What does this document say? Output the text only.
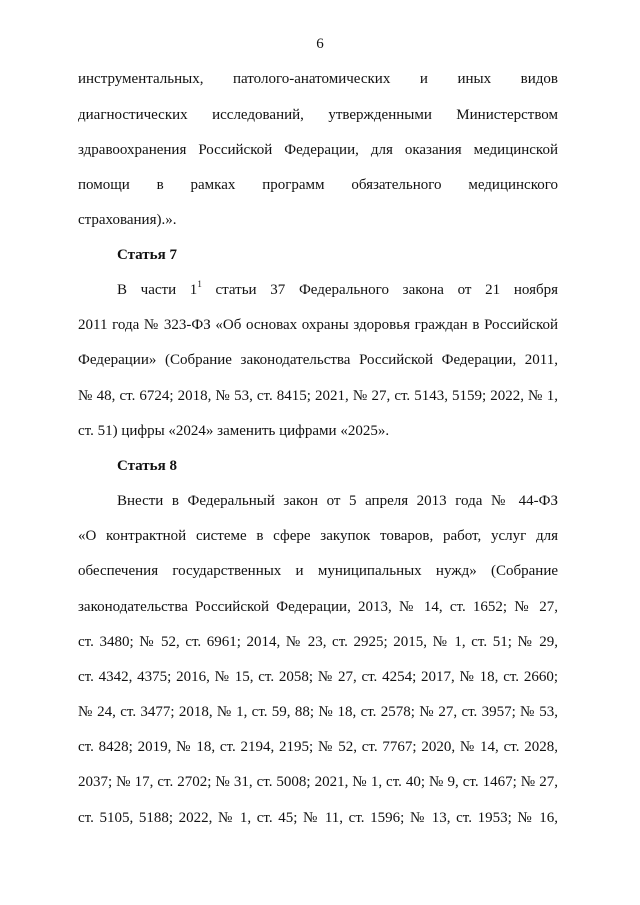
6
инструментальных, патолого-анатомических и иных видов
диагностических исследований, утвержденными Министерством
здравоохранения Российской Федерации, для оказания медицинской
помощи в рамках программ обязательного медицинского
страхования).».
Статья 7
В части $1^1$ статьи 37 Федерального закона от 21 ноября
2011 года № 323-ФЗ «Об основах охраны здоровья граждан в Российской
Федерации» (Собрание законодательства Российской Федерации, 2011,
№ 48, ст. 6724; 2018, № 53, ст. 8415; 2021, № 27, ст. 5143, 5159; 2022, № 1,
ст. 51) цифры «2024» заменить цифрами «2025».
Статья 8
Внести в Федеральный закон от 5 апреля 2013 года № 44-ФЗ
«О контрактной системе в сфере закупок товаров, работ, услуг для
обеспечения государственных и муниципальных нужд» (Собрание
законодательства Российской Федерации, 2013, № 14, ст. 1652; № 27,
ст. 3480; № 52, ст. 6961; 2014, № 23, ст. 2925; 2015, № 1, ст. 51; № 29,
ст. 4342, 4375; 2016, № 15, ст. 2058; № 27, ст. 4254; 2017, № 18, ст. 2660;
№ 24, ст. 3477; 2018, № 1, ст. 59, 88; № 18, ст. 2578; № 27, ст. 3957; № 53,
ст. 8428; 2019, № 18, ст. 2194, 2195; № 52, ст. 7767; 2020, № 14, ст. 2028,
2037; № 17, ст. 2702; № 31, ст. 5008; 2021, № 1, ст. 40; № 9, ст. 1467; № 27,
ст. 5105, 5188; 2022, № 1, ст. 45; № 11, ст. 1596; № 13, ст. 1953; № 16,
